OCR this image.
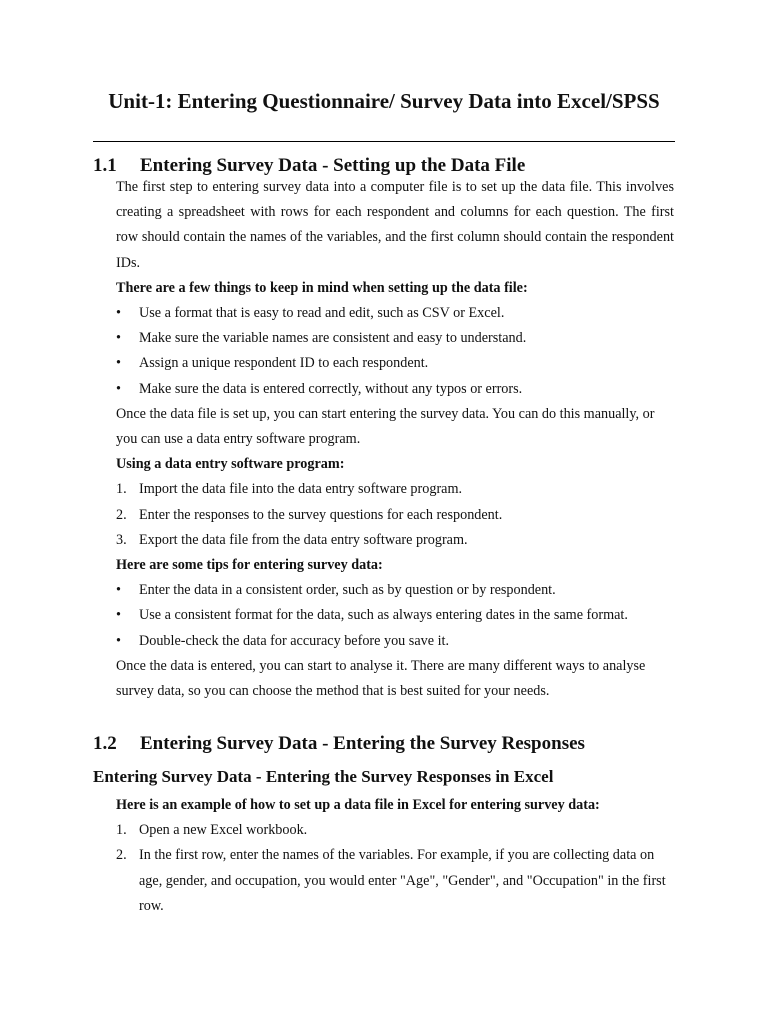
Unit-1: Entering Questionnaire/ Survey Data into Excel/SPSS
1.1 Entering Survey Data - Setting up the Data File

The first step to entering survey data into a computer file is to set up the data file. This involves creating a spreadsheet with rows for each respondent and columns for each question. The first row should contain the names of the variables, and the first column should contain the respondent IDs.

There are a few things to keep in mind when setting up the data file:

•	Use a format that is easy to read and edit, such as CSV or Excel.
•	Make sure the variable names are consistent and easy to understand.
•	Assign a unique respondent ID to each respondent.
•	Make sure the data is entered correctly, without any typos or errors.

Once the data file is set up, you can start entering the survey data. You can do this manually, or you can use a data entry software program.

Using a data entry software program:

1. Import the data file into the data entry software program.
2. Enter the responses to the survey questions for each respondent.
3. Export the data file from the data entry software program.

Here are some tips for entering survey data:

•	Enter the data in a consistent order, such as by question or by respondent.
•	Use a consistent format for the data, such as always entering dates in the same format.
•	Double-check the data for accuracy before you save it.

Once the data is entered, you can start to analyse it. There are many different ways to analyse survey data, so you can choose the method that is best suited for your needs.

1.2 Entering Survey Data - Entering the Survey Responses
Entering Survey Data - Entering the Survey Responses in Excel

Here is an example of how to set up a data file in Excel for entering survey data:

1. Open a new Excel workbook.
2. In the first row, enter the names of the variables. For example, if you are collecting data on age, gender, and occupation, you would enter "Age", "Gender", and "Occupation" in the first row.
